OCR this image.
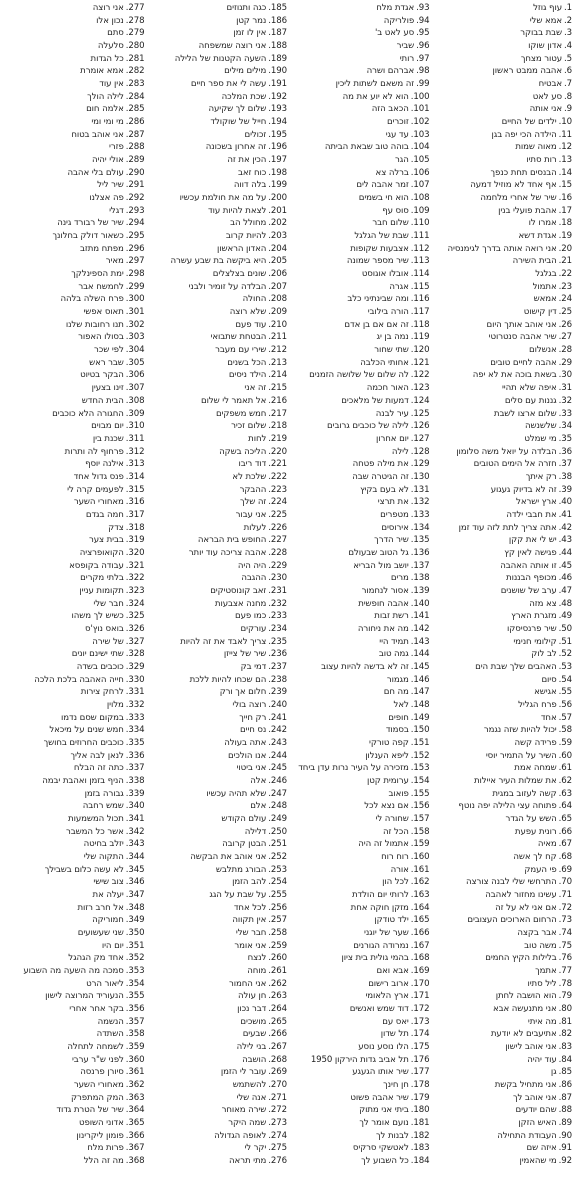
1.עוף גוזל
2.אמא שלי
3.שבת בבוקר
4.אדון שוקו
5.עטור מצחך
6.אהבה ממבט ראשון
7.אבטיח
8.סע לאט
9.אני אותה
10.ילדים של החיים
11.הילדה הכי יפה בגן
12.מאוה שמות
13.רות סתיו
14.הבנסים תחת כנפך
15.אף אחד לא מוזיל דמעה
16.שיר של אחרי מלחמה
17.אהבת פועלי בנין
18.אמרו לו
19.אגדת דשא
20.אני רואה אותה בדרך לגימנסיה
21.הבית השירה
22.בגלגל
23.אתמול
24.אמאש
25.דין קישוט
26.אני אוהב אותך היום
27.שיר אהבה סנטרוטי
28.אנשלום
29.אהבה לחיים טובים
30.בשאת בוכה את לא יפה
31.איפה שלא תהיי
32.גננות עם סלים
33.שלום ארצו לשבת
34.שלשנשה
35.מי שמלט
36.הבלדה על יואל משה סלומון
37.חזרה אל הימים הטובים
38.רק איתך
39.זה לא בדיוק געגוע
40.ארץ ישראל
41.את חבבי ילדה
42.אתה צריך לתת לזה עוד זמן
43.יש לי את קקן
44.פגישה לאין קץ
45.זו אותה האהבה
46.מכופף הבננות
47.ערב של שושנים
48.צא מזה
49.מזגרת הארץ
50.שיר פרנסיסקו
51.קילומי חנימי
52.לב לוק
53.האהבים שלך שבת הים
54.סיום
55.אגישא
56.פרח הגליל
57.אחד
58.יכול להיות שזה נגמר
59.פרידה קשה
60.השיר על התמיר יוסי
61.שמחה אמת
62.את שמלות העיר איילות
63.קשה לעזוב במגית
64.פתוחה עצי הלילה יפה נוטף
65.השש על הגדר
66.רונית עפעת
67.מאיה
68.קח לך אשה
69.פי העמק
70.התרחשי שלי לבנה צורצה
71.עשינו מחזור לאהבה
72.אם אני לא על זה
73.הרחום הארוכים העצובים
74.אבר בקצה
75.משה טוב
76.בלילות הקיץ החמים
77.אתמך
78.ליל סתיו
79.הוא הושבה לחתן
80.אני מתנעשה אבא
81.מה איתי
82.אתיעבים לא יודעת
83.אני אוהב לישון
84.עוד יהיה
85.גן
86.אני מתחיל בקשת
87.אני אוהב לך
88.שהם יודעים
89.האיש הזקן
90.העבודת התחילה
91.איזה שם
92.מי שהאמין
93.אגדת מלח
94.פולריקה
95.סע לאט ב'
96.שביר
97.רותי
98.אברהם ושרה
99.זה משאם לשתות ליכין
100.הוא לא יוע את מה
101.הכאב הזה
102.זוכרים
103.עד עגי
104.בוהה טוב שבאת הביתה
105.הגר
106.ברלה צא
107.זמר אהבה לים
108.הוא חי בשמים
109.סוס עף
110.שלום חבר
111.שבת של הגלגל
112.אצבעות שקופות
113.שיר מספר שמונה
114.אובלו אוגוסט
115.אגרה
116.ומה שבינתיני כלב
117.הורה בילובי
118.זה אם אם בן אדם
119.נמה בן יג
120.שתי שחור
121.אחותי הכלבה
122.לה שלום של שלושה הזמנים
123.האור חכמה
124.דמעות של מלאכים
125.עיר לבנה
126.לילה של כוכבים גרובים
127.יום אחרון
128.לילה
129.את מילה פטחה
130.זה הגיטרה שבה
131.לא בעם בקיץ
132.את תרצי
133.מטפרים
134.אירוסים
135.שיר הדרך
136.גל הטוב שבעולם
137.יושב מול הבריא
138.מרים
139.אסור לנחמור
140.אהבה חופשית
141.רשת זבות
142.מה את ניחורה
143.תמיד היי
144.גמה טוב
145.זה לא בדשה להיות עצוב
146.מגמור
147.מה חם
148.לאל
149.חופים
150.בסמוד
151.קפה טורקי
152.ליפא הענלון
153.מזכירה על העיר נרות עדן ביחד
154.ערומית קטן
155.פואוב
156.אם נצא לכל
157.שחורה לי
158.הכל זה
159.אתמול זה היה
160.רוח רוח
161.אורה
162.לכל הון
163.לרותי יום הולדת
164.מזקן חוקה אחת
165.ילד טודקן
166.שער של יוגני
167.נמרודה הגורנים
168.בהמי גולית בית ציון
169.אבא ואם
170.ארוב רישום
171.ארץ הלאומי
172.דוד שמש ואנשים
173.יאס עם
174.תל שדון
175.הלו נוסע נוסע
176.תל אביב גדות הירקון 1950
177.שיר אותו הגעגע
178.חן חינך
179.שיר אהבה פשוט
180.ביתי אני מתוק
181.נועם אומר לך
182.לבנות לך
183.לאטשקי סרקיס
184.כל השבוע לך
185.כגה ותנוזים
186.נמר קטן
187.אין לו זמן
188.אני רוצה שמשפחה
189.השעה הקטנות של הלילה
190.מילים מילים
191.עשה לי את ספר חיים
192.שכת המלכה
193.שלום לך שקיעה
194.חייל של שוקולד
195.זכולים
196.זה אחרון בשכונה
197.הכין את זה
198.כוח זאב
199.בלה דווה
200.על מה את חולמת עכשיו
201.לצאת להיות עוד
202.מחולל הב
203.להיות קרוב
204.האדון הראשון
205.היא ביקשה בת שבע עשרה
206.שונים בצלצלים
207.הבלדה על זומיר ולבני
208.החולה
209.שלא רוצה
210.עוד פעם
211.הבטחת שתבואי
212.שירי עם מעבר
213.הכל בשנים
214.הילד ניסים
215.זה אני
216.אל תאמר לי שלום
217.חמש משפקים
218.שלום זכיר
219.לחות
220.הליכה בשקה
221.דוד ריבו
222.שלכת לא
223.ההבקר
224.זה שלך
225.אני עבור
226.לעלות
227.החופש בית הבראה
228.אהבה צריכה עוד יותר
229.היה היה
230.ההגבה
231.זאב קונוסטיקים
232.מחנה אצבעות
233.כמו פעם
234.עורקים
235.צריך לאבד את זה להיות
236.שיר של צייזן
237.דמי בק
238.הם שכחו להיות ללכת
239.חלום אך ורק
240.רוצה בולי
241.רק חייך
242.נס חיים
243.אתה בעולה
244.אנו הולכים
245.אני ביטוי
246.אלה
247.שלא תהיה עכשיו
248.אלם
249.עולם הקודש
250.דלילה
251.הבטן קרובה
252.אני אוהב את הבקשה
253.הבורג מתלבש
254.להב הזמן
255.על שבת על הגג
256.לכל אחד
257.אין תקווה
258.חבר שלי
259.אני אומר
260.לנצח
261.מוחה
262.אני החמור
263.חן עולה
264.דבר נכון
265.מושכים
266.שבעים
267.בני לילה
268.הושבה
269.עובר לי הזמן
270.להשתמש
271.אנה שלי
272.שירה מאוחר
273.שמה היקר
274.לאופה הגדולה
275.יקר לי
276.מתי תראה
277.אני רוצה
278.נכון אלו
279.סתם
280.סלעלה
281.כל הגדות
282.אמא אומרת
283.אין עוד
284.לילה הולך
285.אלמה חום
286.מי ומי ומי
287.אני אוהב בטוח
288.פזרי
289.אולי יהיה
290.עולם בלי אהבה
291.שיר ליל
292.פה אצלנו
293.דגלי
294.שיר של רבורד גינה
295.כשאור דולק בחלונך
296.מפתח מתזב
297.מאיר
298.ימת הספינלקך
299.לחמשח אבר
300.פרח השלה בלהה
301.תאוס אפשי
302.תנו רחובות שלנו
303.בסולו האפור
304.לפי שכר
305.שבר ראש
306.הבקר בטיוט
307.זינו בצעין
308.הבית החדש
309.החגורה הלא כוכבים
310.יום מבוים
311.שכנת בין
312.פרחוף לה ותרות
313.אילנה יוסף
314.פנס גדול אחד
315.לפעמים קרה לי
316.מאחורי השער
317.חמה בגדם
318.צדק
319.בבית צער
320.הקואופרציה
321.עבודה בקופסא
322.בלתי מקרים
323.תקומות עניין
324.חבר שלי
325.כשיש לך משהו
326.בואס נוץ'ס
327.של שירה
328.שתי ישינם יונים
329.כוכבים בשדה
330.חייה האהבה בלכת הלכה
331.לרחק צירות
332.מלוין
333.במקום שסם נדמו
334.חמש שנים על מיכאל
335.כוכבים החרוזים בחושך
336.לנאן לבה אליך
337.כתה זה הבלח
338.הניף בזמן ואהבת יבמה
339.גבורה בזמן
340.שמש רחבה
341.תכול המשמעות
342.אשר כל המשבר
343.יזלב בחיטה
344.התקוה שלי
345.לא עשה כלום בשבילך
346.צוב שישי
347.יעלה את
348.אל חרב רזות
349.חמוריקה
350.שני שעשועים
351.יום היו
352.אחד מק הגהגל
353.סמכה מה השעה מה השבוע
354.ליאור הרט
355.הנעוריד המרוצה לישון
356.בקר אחר אחרי
357.הנשמה
358.השתדה
359.לשמחה לתחלה
360.לפני ש"ר ערבי
361.סיורן פרנסה
362.מאחורי השער
363.המק המתפרק
364.שיר של הטרת גדוד
365.אדוני השופט
366.פומון ליקרינון
367.פרות מלח
368.מה זה הלל
